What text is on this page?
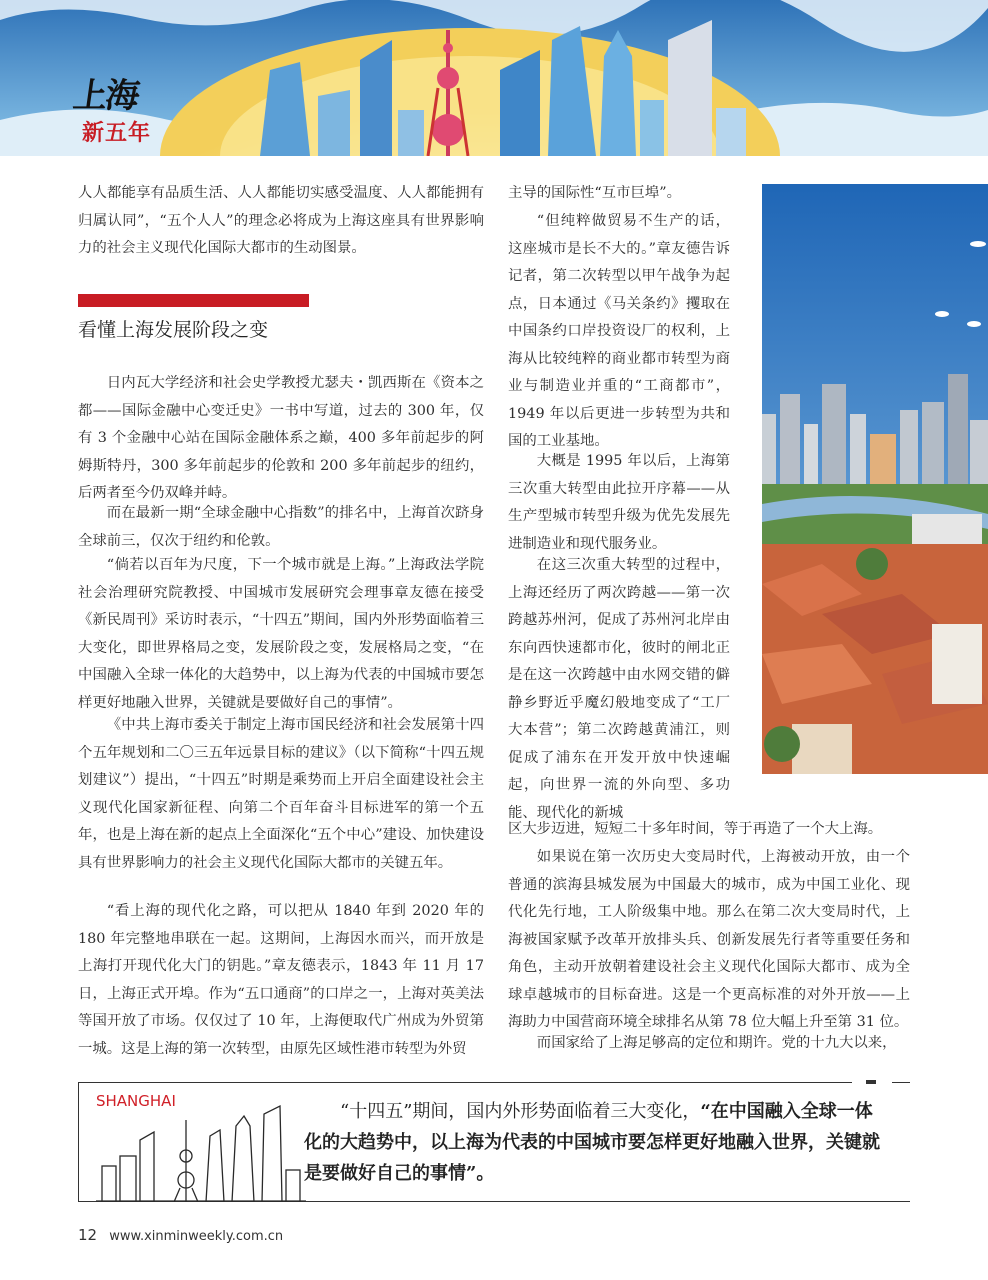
上海
新五年

人人都能享有品质生活、人人都能切实感受温度、人人都能拥有归属认同”，“五个人人”的理念必将成为上海这座具有世界影响力的社会主义现代化国际大都市的生动图景。

看懂上海发展阶段之变

日内瓦大学经济和社会史学教授尤瑟夫・凯西斯在《资本之都——国际金融中心变迁史》一书中写道，过去的 300 年，仅有 3 个金融中心站在国际金融体系之巅，400 多年前起步的阿姆斯特丹，300 多年前起步的伦敦和 200 多年前起步的纽约，后两者至今仍双峰并峙。

而在最新一期“全球金融中心指数”的排名中，上海首次跻身全球前三，仅次于纽约和伦敦。

“倘若以百年为尺度，下一个城市就是上海。”上海政法学院社会治理研究院教授、中国城市发展研究会理事章友德在接受《新民周刊》采访时表示，“十四五”期间，国内外形势面临着三大变化，即世界格局之变，发展阶段之变，发展格局之变，“在中国融入全球一体化的大趋势中，以上海为代表的中国城市要怎样更好地融入世界，关键就是要做好自己的事情”。

《中共上海市委关于制定上海市国民经济和社会发展第十四个五年规划和二〇三五年远景目标的建议》（以下简称“十四五规划建议”）提出，“十四五”时期是乘势而上开启全面建设社会主义现代化国家新征程、向第二个百年奋斗目标进军的第一个五年，也是上海在新的起点上全面深化“五个中心”建设、加快建设具有世界影响力的社会主义现代化国际大都市的关键五年。

“看上海的现代化之路，可以把从 1840 年到 2020 年的 180 年完整地串联在一起。这期间，上海因水而兴，而开放是上海打开现代化大门的钥匙。”章友德表示，1843 年 11 月 17 日，上海正式开埠。作为“五口通商”的口岸之一，上海对英美法等国开放了市场。仅仅过了 10 年，上海便取代广州成为外贸第一城。这是上海的第一次转型，由原先区域性港市转型为外贸

主导的国际性“互市巨埠”。

“但纯粹做贸易不生产的话，这座城市是长不大的。”章友德告诉记者，第二次转型以甲午战争为起点，日本通过《马关条约》攫取在中国条约口岸投资设厂的权利，上海从比较纯粹的商业都市转型为商业与制造业并重的“工商都市”，1949 年以后更进一步转型为共和国的工业基地。

大概是 1995 年以后，上海第三次重大转型由此拉开序幕——从生产型城市转型升级为优先发展先进制造业和现代服务业。

在这三次重大转型的过程中，上海还经历了两次跨越——第一次跨越苏州河，促成了苏州河北岸由东向西快速都市化，彼时的闸北正是在这一次跨越中由水网交错的僻静乡野近乎魔幻般地变成了“工厂大本营”；第二次跨越黄浦江，则促成了浦东在开发开放中快速崛起，向世界一流的外向型、多功能、现代化的新城

区大步迈进，短短二十多年时间，等于再造了一个大上海。

如果说在第一次历史大变局时代，上海被动开放，由一个普通的滨海县城发展为中国最大的城市，成为中国工业化、现代化先行地，工人阶级集中地。那么在第二次大变局时代，上海被国家赋予改革开放排头兵、创新发展先行者等重要任务和角色，主动开放朝着建设社会主义现代化国际大都市、成为全球卓越城市的目标奋进。这是一个更高标准的对外开放——上海助力中国营商环境全球排名从第 78 位大幅上升至第 31 位。

而国家给了上海足够高的定位和期许。党的十九大以来，

SHANGHAI	“十四五”期间，国内外形势面临着三大变化，“在中国融入全球一体化的大趋势中，以上海为代表的中国城市要怎样更好地融入世界，关键就是要做好自己的事情”。

12 www.xinminweekly.com.cn
